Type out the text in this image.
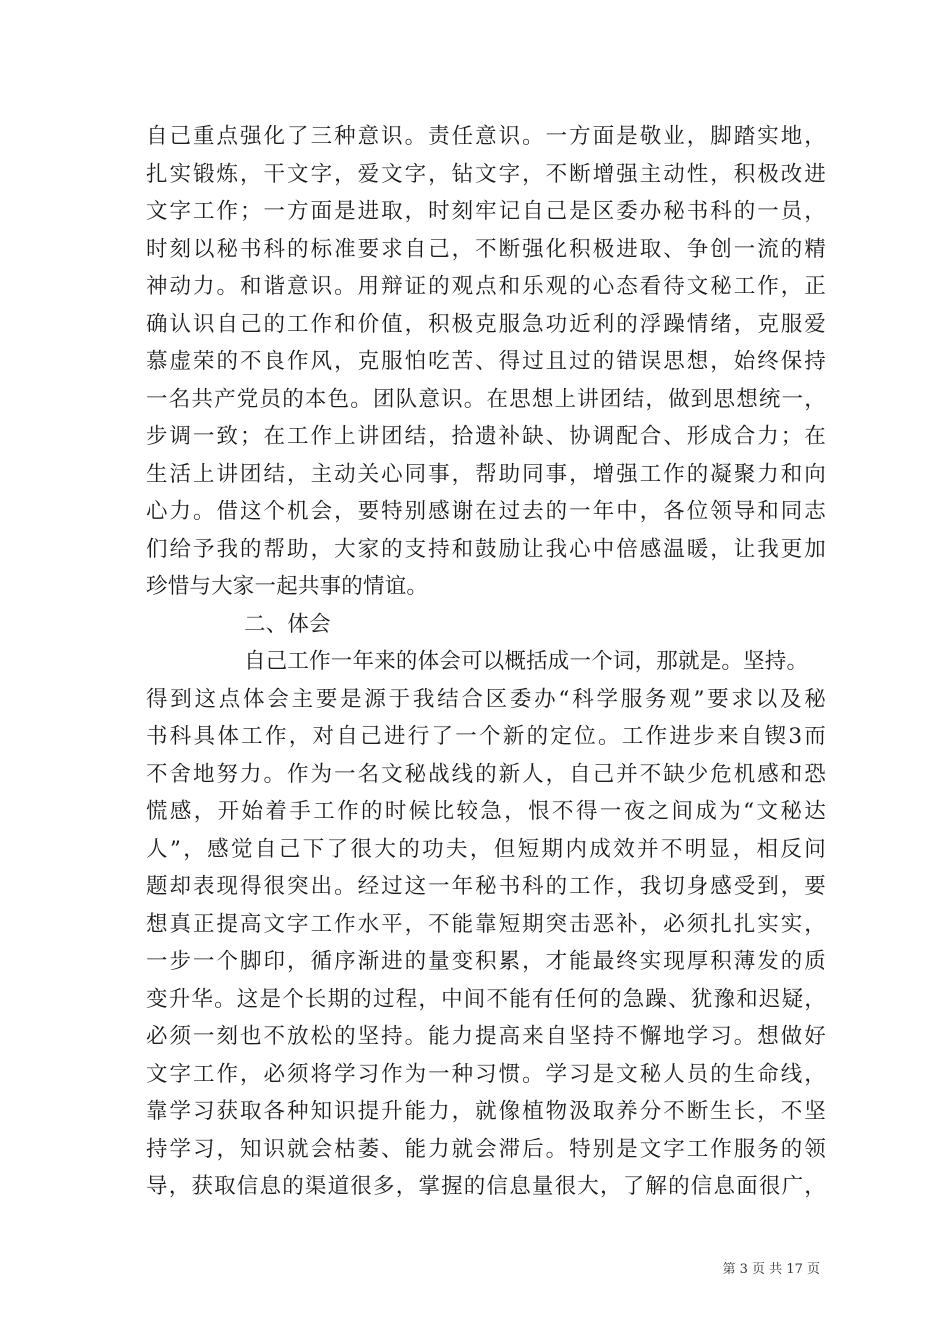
自己重点强化了三种意识。责任意识。一方面是敬业，脚踏实地，
扎实锻炼，干文字，爱文字，钻文字，不断增强主动性，积极改进
文字工作；一方面是进取，时刻牢记自己是区委办秘书科的一员，
时刻以秘书科的标准要求自己，不断强化积极进取、争创一流的精
神动力。和谐意识。用辩证的观点和乐观的心态看待文秘工作，正
确认识自己的工作和价值，积极克服急功近利的浮躁情绪，克服爱
慕虚荣的不良作风，克服怕吃苦、得过且过的错误思想，始终保持
一名共产党员的本色。团队意识。在思想上讲团结，做到思想统一，
步调一致；在工作上讲团结，拾遗补缺、协调配合、形成合力；在
生活上讲团结，主动关心同事，帮助同事，增强工作的凝聚力和向
心力。借这个机会，要特别感谢在过去的一年中，各位领导和同志
们给予我的帮助，大家的支持和鼓励让我心中倍感温暖，让我更加
珍惜与大家一起共事的情谊。
二、体会
自己工作一年来的体会可以概括成一个词，那就是。坚持。
得到这点体会主要是源于我结合区委办“科学服务观”要求以及秘
书科具体工作，对自己进行了一个新的定位。工作进步来自锲3而
不舍地努力。作为一名文秘战线的新人，自己并不缺少危机感和恐
慌感，开始着手工作的时候比较急，恨不得一夜之间成为“文秘达
人”，感觉自己下了很大的功夫，但短期内成效并不明显，相反问
题却表现得很突出。经过这一年秘书科的工作，我切身感受到，要
想真正提高文字工作水平，不能靠短期突击恶补，必须扎扎实实，
一步一个脚印，循序渐进的量变积累，才能最终实现厚积薄发的质
变升华。这是个长期的过程，中间不能有任何的急躁、犹豫和迟疑，
必须一刻也不放松的坚持。能力提高来自坚持不懈地学习。想做好
文字工作，必须将学习作为一种习惯。学习是文秘人员的生命线，
靠学习获取各种知识提升能力，就像植物汲取养分不断生长，不坚
持学习，知识就会枯萎、能力就会滞后。特别是文字工作服务的领
导，获取信息的渠道很多，掌握的信息量很大，了解的信息面很广，
第 3 页 共 17 页
